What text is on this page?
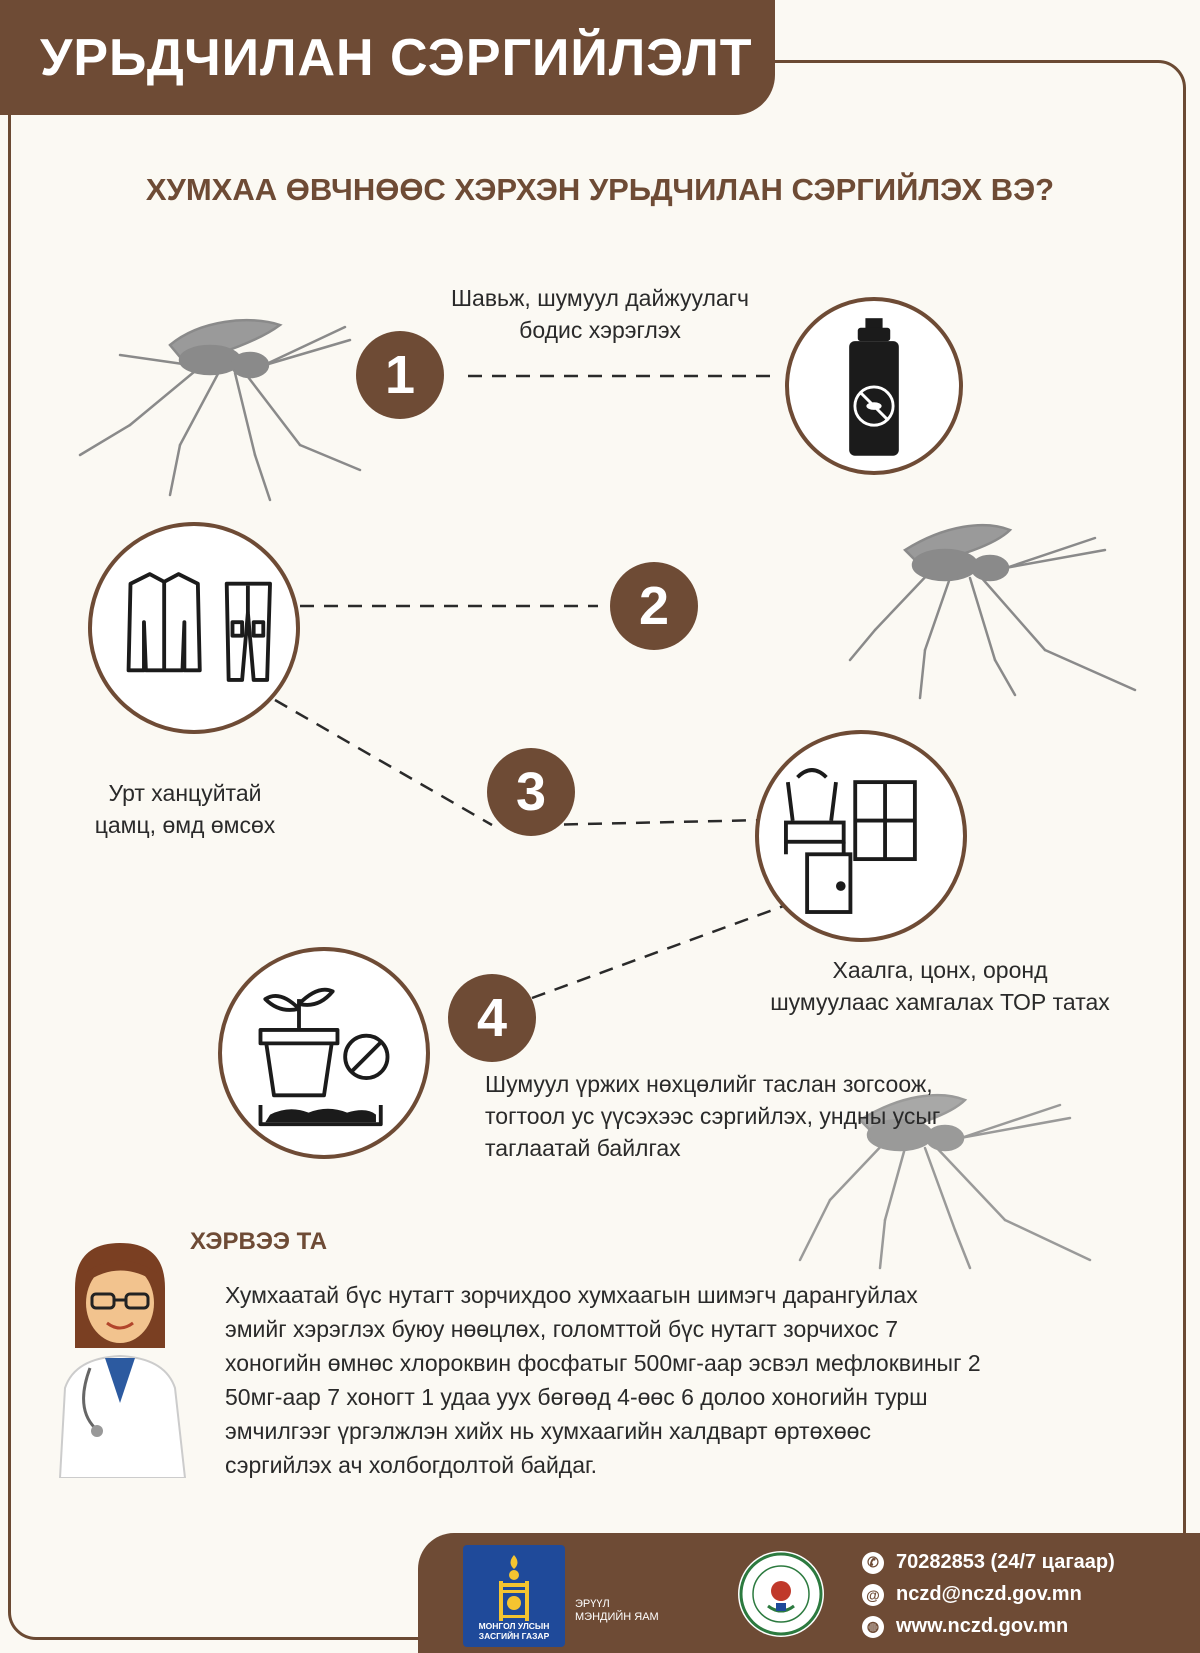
УРЬДЧИЛАН СЭРГИЙЛЭЛТ

ХУМХАА ӨВЧНӨӨС ХЭРХЭН УРЬДЧИЛАН СЭРГИЙЛЭХ ВЭ?

Шавьж, шумуул дайжуулагч
бодис хэрэглэх
1
2
Урт ханцуйтай
цамц, өмд өмсөх
3
Хаалга, цонх, оронд
шумуулаас хамгалах ТОР татах
4
Шумуул үржих нөхцөлийг таслан зогсоож,
тогтоол ус үүсэхээс сэргийлэх, ундны усыг
таглаатай байлгах

ХЭРВЭЭ ТА

Хумхаатай бүс нутагт зорчихдоо хумхаагын шимэгч дарангуйлах
эмийг хэрэглэх буюу нөөцлөх, голомттой бүс нутагт зорчихос 7
хоногийн өмнөс хлороквин фосфатыг 500мг-аар эсвэл мефлоквиныг 2
50мг-аар 7 хоногт 1 удаа уух бөгөөд 4-өөс 6 долоо хоногийн турш
эмчилгээг үргэлжлэн хийх нь хумхаагийн халдварт өртөхөөс
сэргийлэх ач холбогдолтой байдаг.
МОНГОЛ УЛСЫН
ЗАСГИЙН ГАЗАР
ЭРҮҮЛ
МЭНДИЙН ЯАМ
✆ 70282853 (24/7 цагаар)
@ nczd@nczd.gov.mn
◍ www.nczd.gov.mn
